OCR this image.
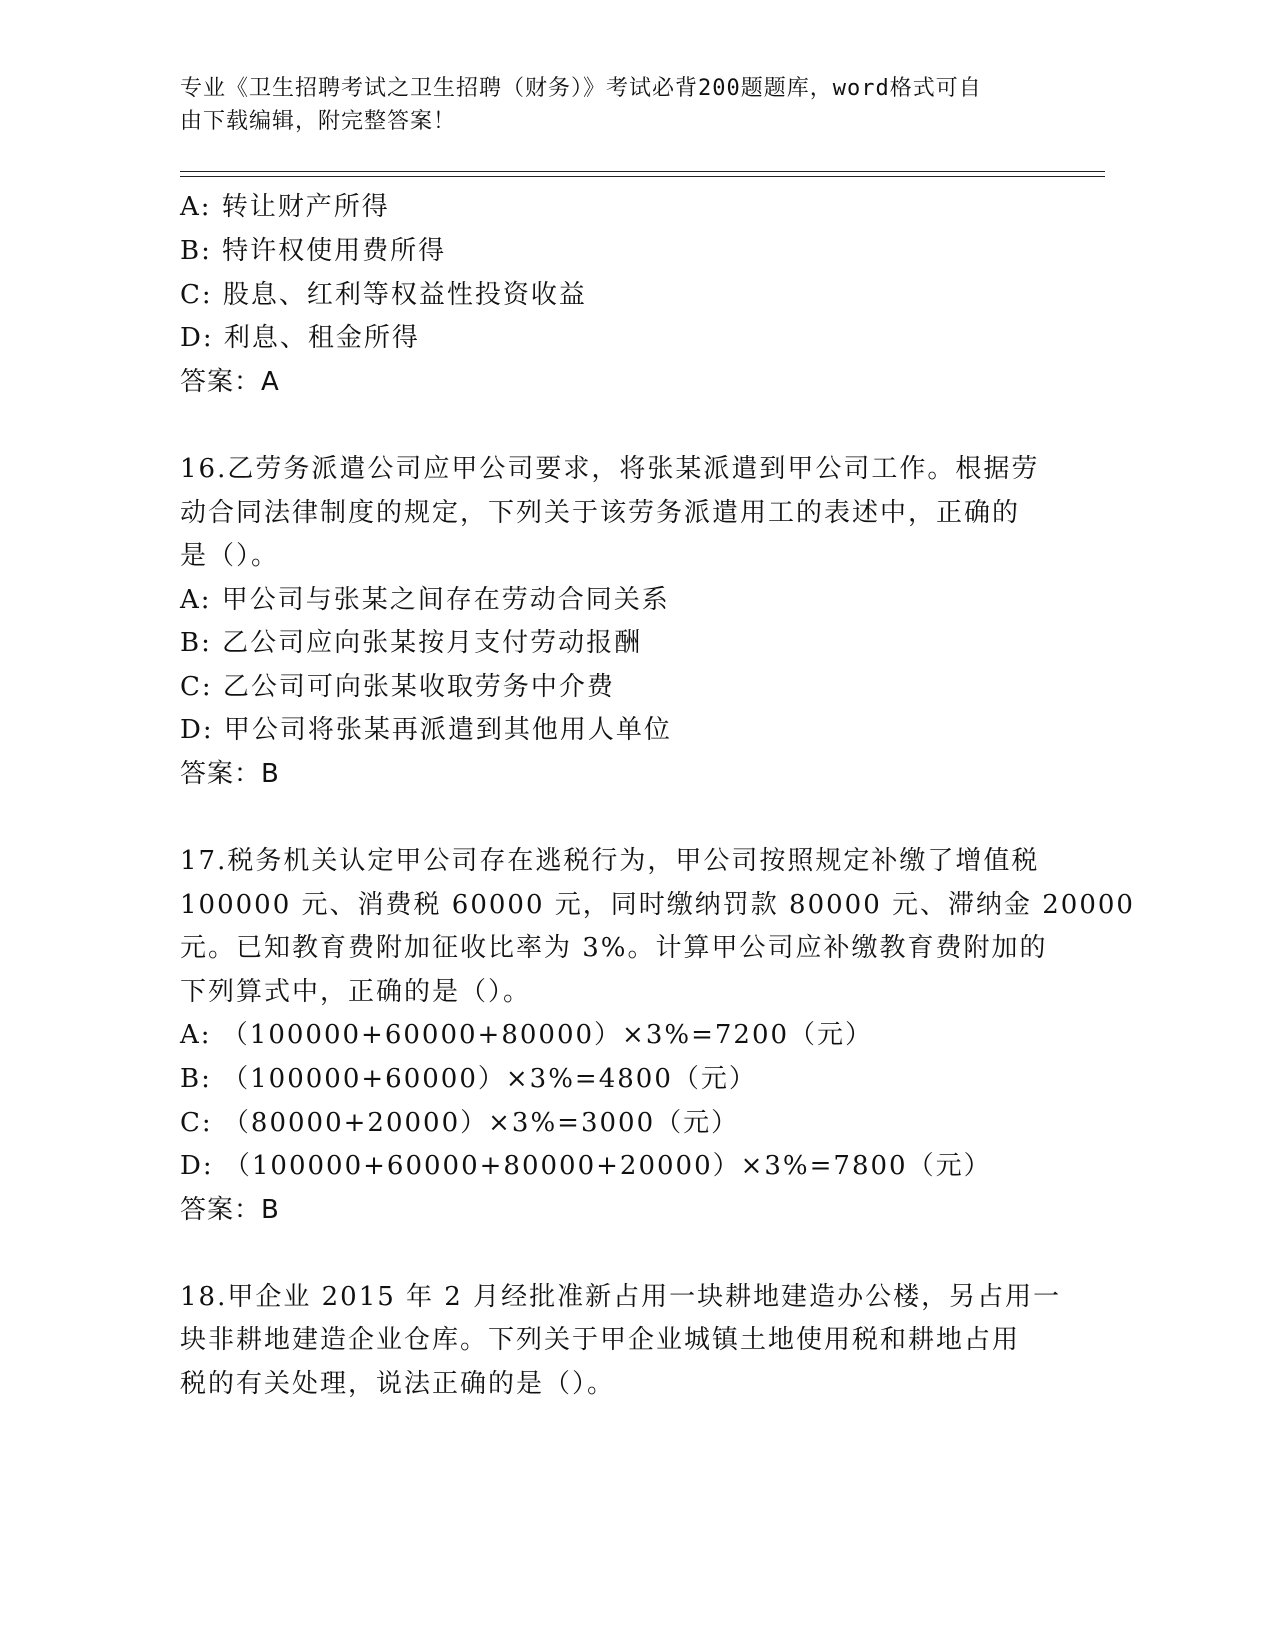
专业《卫生招聘考试之卫生招聘（财务）》考试必背200题题库，word格式可自
由下载编辑，附完整答案！
A: 转让财产所得
B: 特许权使用费所得
C: 股息、红利等权益性投资收益
D: 利息、租金所得
答案：A
16.乙劳务派遣公司应甲公司要求，将张某派遣到甲公司工作。根据劳
动合同法律制度的规定，下列关于该劳务派遣用工的表述中，正确的
是（）。
A: 甲公司与张某之间存在劳动合同关系
B: 乙公司应向张某按月支付劳动报酬
C: 乙公司可向张某收取劳务中介费
D: 甲公司将张某再派遣到其他用人单位
答案：B
17.税务机关认定甲公司存在逃税行为，甲公司按照规定补缴了增值税
100000 元、消费税 60000 元，同时缴纳罚款 80000 元、滞纳金 20000
元。已知教育费附加征收比率为 3%。计算甲公司应补缴教育费附加的
下列算式中，正确的是（）。
A: （100000+60000+80000）×3%=7200（元）
B: （100000+60000）×3%=4800（元）
C: （80000+20000）×3%=3000（元）
D: （100000+60000+80000+20000）×3%=7800（元）
答案：B
18.甲企业 2015 年 2 月经批准新占用一块耕地建造办公楼，另占用一
块非耕地建造企业仓库。下列关于甲企业城镇土地使用税和耕地占用
税的有关处理，说法正确的是（）。
